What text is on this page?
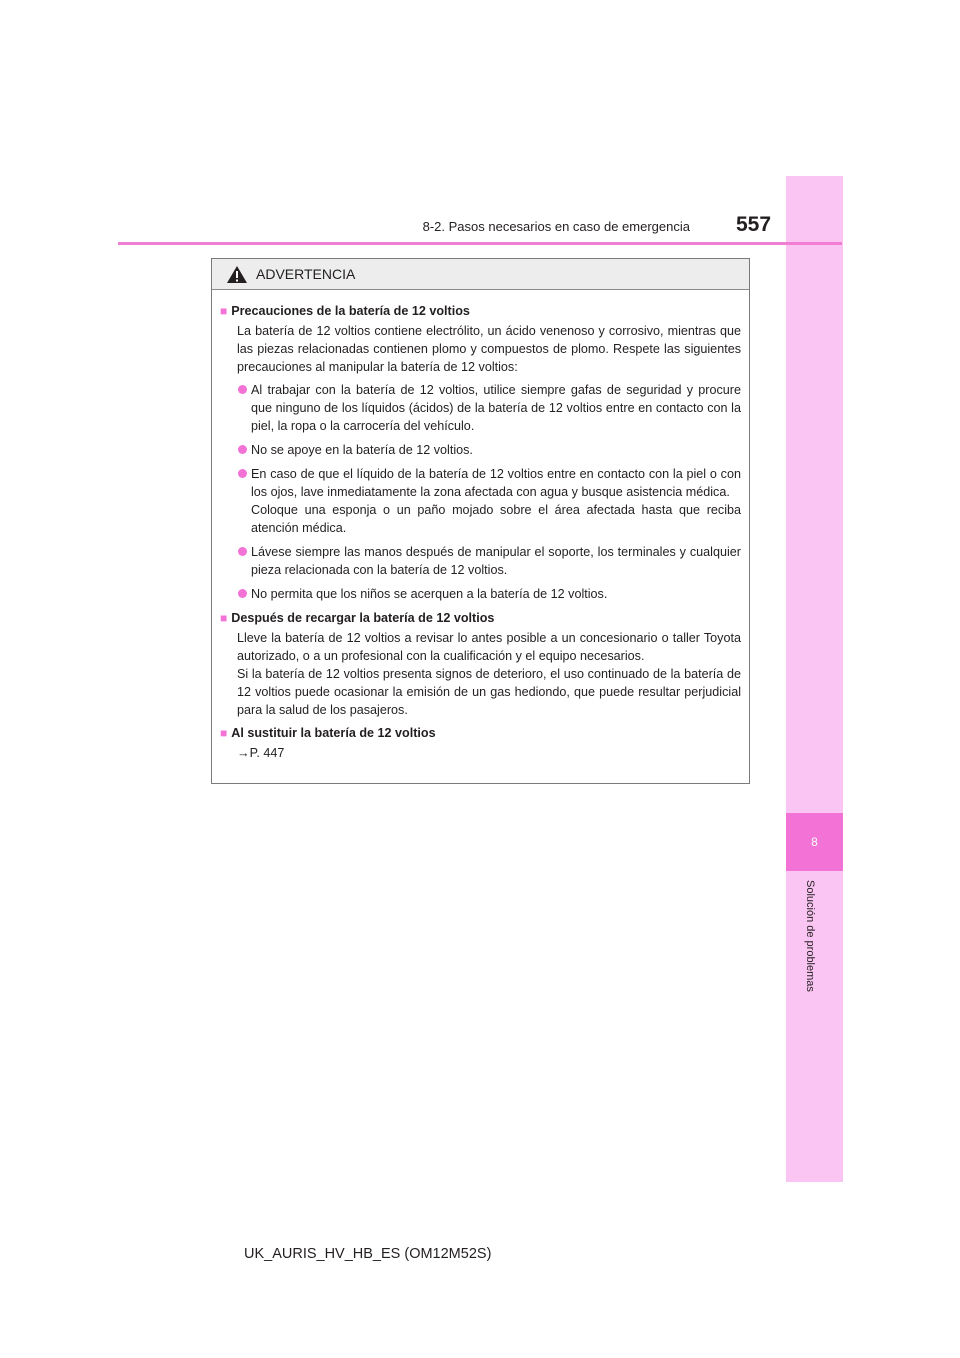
8
Solución de problemas
8-2. Pasos necesarios en caso de emergencia 557
ADVERTENCIA
■ Precauciones de la batería de 12 voltios
La batería de 12 voltios contiene electrólito, un ácido venenoso y corrosivo, mientras que las piezas relacionadas contienen plomo y compuestos de plomo. Respete las siguientes precauciones al manipular la batería de 12 voltios:

Al trabajar con la batería de 12 voltios, utilice siempre gafas de seguridad y procure que ninguno de los líquidos (ácidos) de la batería de 12 voltios entre en contacto con la piel, la ropa o la carrocería del vehículo.

No se apoye en la batería de 12 voltios.

En caso de que el líquido de la batería de 12 voltios entre en contacto con la piel o con los ojos, lave inmediatamente la zona afectada con agua y busque asistencia médica.

Coloque una esponja o un paño mojado sobre el área afectada hasta que reciba atención médica.

Lávese siempre las manos después de manipular el soporte, los terminales y cualquier pieza relacionada con la batería de 12 voltios.

No permita que los niños se acerquen a la batería de 12 voltios.

■ Después de recargar la batería de 12 voltios
Lleve la batería de 12 voltios a revisar lo antes posible a un concesionario o taller Toyota autorizado, o a un profesional con la cualificación y el equipo necesarios.
Si la batería de 12 voltios presenta signos de deterioro, el uso continuado de la batería de 12 voltios puede ocasionar la emisión de un gas hediondo, que puede resultar perjudicial para la salud de los pasajeros.
■ Al sustituir la batería de 12 voltios
→P. 447
UK_AURIS_HV_HB_ES (OM12M52S)
